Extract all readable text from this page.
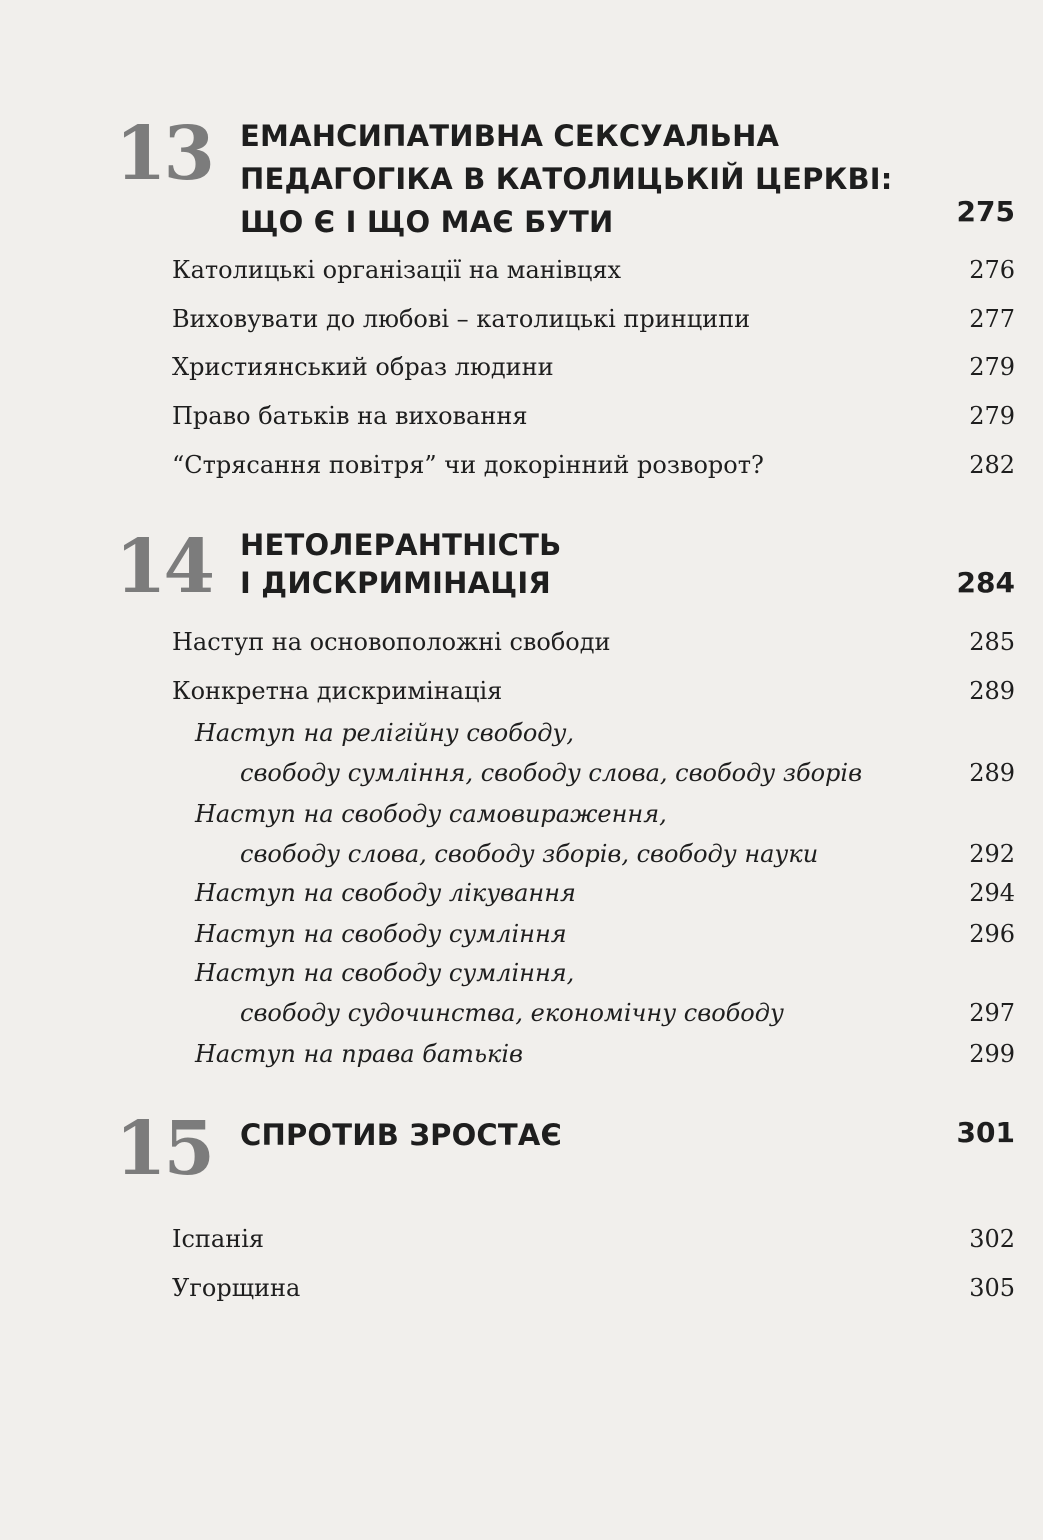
13 ЕМАНСИПАТИВНА СЕКСУАЛЬНА
ПЕДАГОГІКА В КАТОЛИЦЬКІЙ ЦЕРКВІ:
ЩО Є І ЩО МАЄ БУТИ	275
Католицькі організації на манівцях	276
Виховувати до любові – католицькі принципи	277
Християнський образ людини	279
Право батьків на виховання	279
“Стрясання повітря” чи докорінний розворот?	282
14 НЕТОЛЕРАНТНІСТЬ
І ДИСКРИМІНАЦІЯ	284
Наступ на основоположні свободи	285
Конкретна дискримінація	289
Наступ на релігійну свободу,
свободу сумління, свободу слова, свободу зборів	289
Наступ на свободу самовираження,
свободу слова, свободу зборів, свободу науки	292
Наступ на свободу лікування	294
Наступ на свободу сумління	296
Наступ на свободу сумління,
свободу судочинства, економічну свободу	297
Наступ на права батьків	299
15 СПРОТИВ ЗРОСТАЄ	301
Іспанія	302
Угорщина	305
